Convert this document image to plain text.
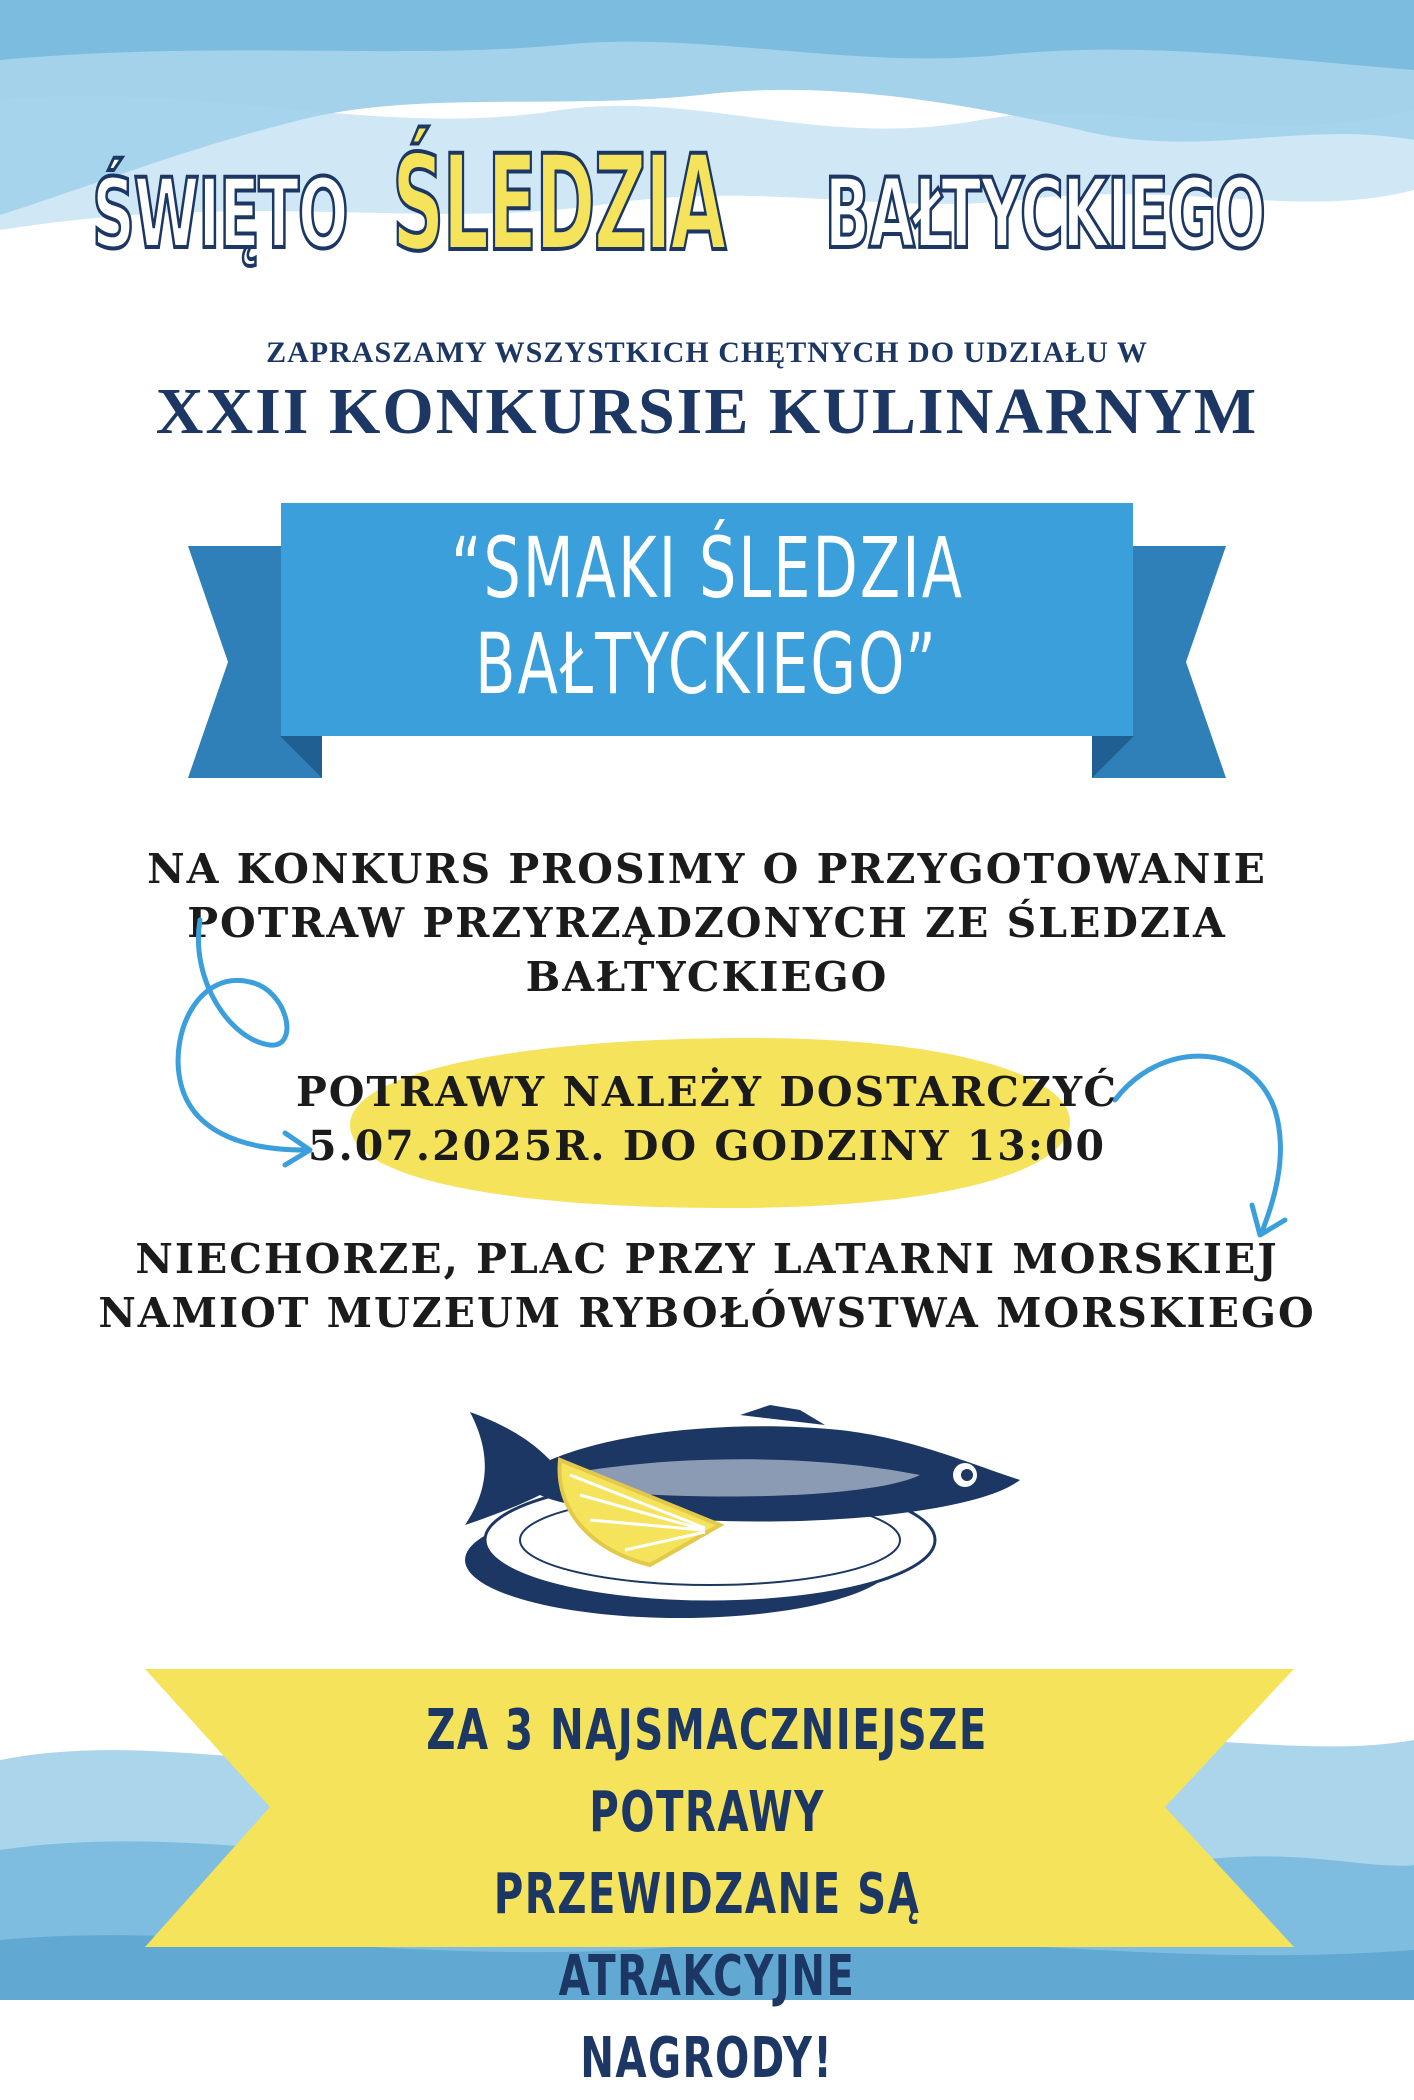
ŚWIĘTO ŚLEDZIA BAŁTYCKIEGO
ZAPRASZAMY WSZYSTKICH CHĘTNYCH DO UDZIAŁU W
XXII KONKURSIE KULINARNYM
“SMAKI ŚLEDZIA
BAŁTYCKIEGO”
NA KONKURS PROSIMY O PRZYGOTOWANIE
POTRAW PRZYRZĄDZONYCH ZE ŚLEDZIA
BAŁTYCKIEGO
POTRAWY NALEŻY DOSTARCZYĆ
5.07.2025R. DO GODZINY 13:00
NIECHORZE, PLAC PRZY LATARNI MORSKIEJ
NAMIOT MUZEUM RYBOŁÓWSTWA MORSKIEGO
ZA 3 NAJSMACZNIEJSZE POTRAWY
PRZEWIDZANE SĄ ATRAKCYJNE
NAGRODY!
